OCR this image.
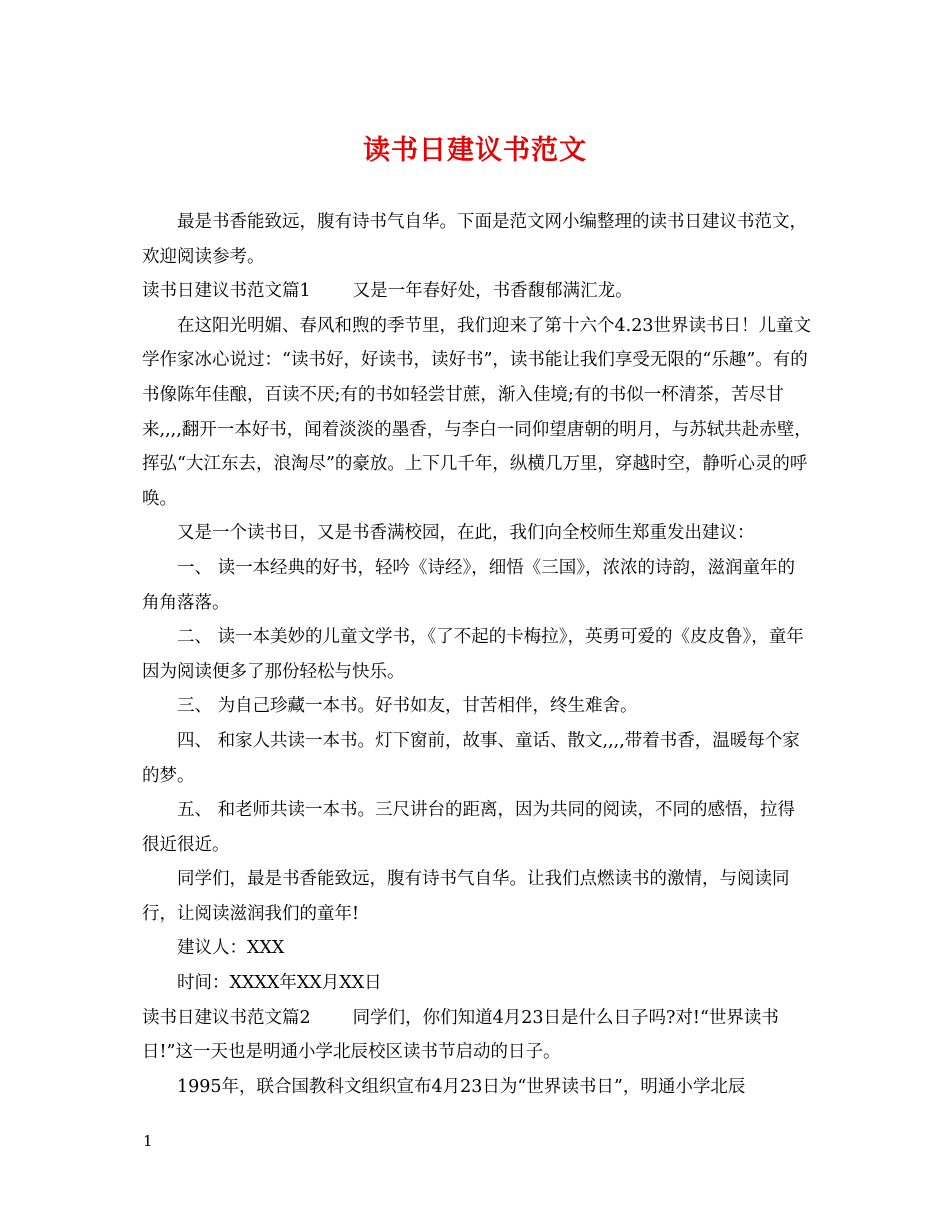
读书日建议书范文
最是书香能致远，腹有诗书气自华。下面是范文网小编整理的读书日建议书范文，欢迎阅读参考。
读书日建议书范文篇1 又是一年春好处，书香馥郁满汇龙。
在这阳光明媚、春风和煦的季节里，我们迎来了第十六个4.23世界读书日！儿童文学作家冰心说过：“读书好，好读书，读好书”，读书能让我们享受无限的“乐趣”。有的书像陈年佳酿，百读不厌;有的书如轻尝甘蔗，渐入佳境;有的书似一杯清茶，苦尽甘来,,,,翻开一本好书，闻着淡淡的墨香，与李白一同仰望唐朝的明月，与苏轼共赴赤壁，挥弘“大江东去，浪淘尽”的豪放。上下几千年，纵横几万里，穿越时空，静听心灵的呼唤。
又是一个读书日，又是书香满校园，在此，我们向全校师生郑重发出建议：
一、 读一本经典的好书，轻吟《诗经》，细悟《三国》，浓浓的诗韵，滋润童年的角角落落。
二、 读一本美妙的儿童文学书，《了不起的卡梅拉》，英勇可爱的《皮皮鲁》，童年因为阅读便多了那份轻松与快乐。
三、 为自己珍藏一本书。好书如友，甘苦相伴，终生难舍。
四、 和家人共读一本书。灯下窗前，故事、童话、散文,,,,带着书香，温暖每个家的梦。
五、 和老师共读一本书。三尺讲台的距离，因为共同的阅读，不同的感悟，拉得很近很近。
同学们，最是书香能致远，腹有诗书气自华。让我们点燃读书的激情，与阅读同行，让阅读滋润我们的童年!
建议人：XXX
时间：XXXX年XX月XX日
读书日建议书范文篇2 同学们，你们知道4月23日是什么日子吗?对!“世界读书日!”这一天也是明通小学北辰校区读书节启动的日子。
1995年，联合国教科文组织宣布4月23日为“世界读书日”，明通小学北辰
1
